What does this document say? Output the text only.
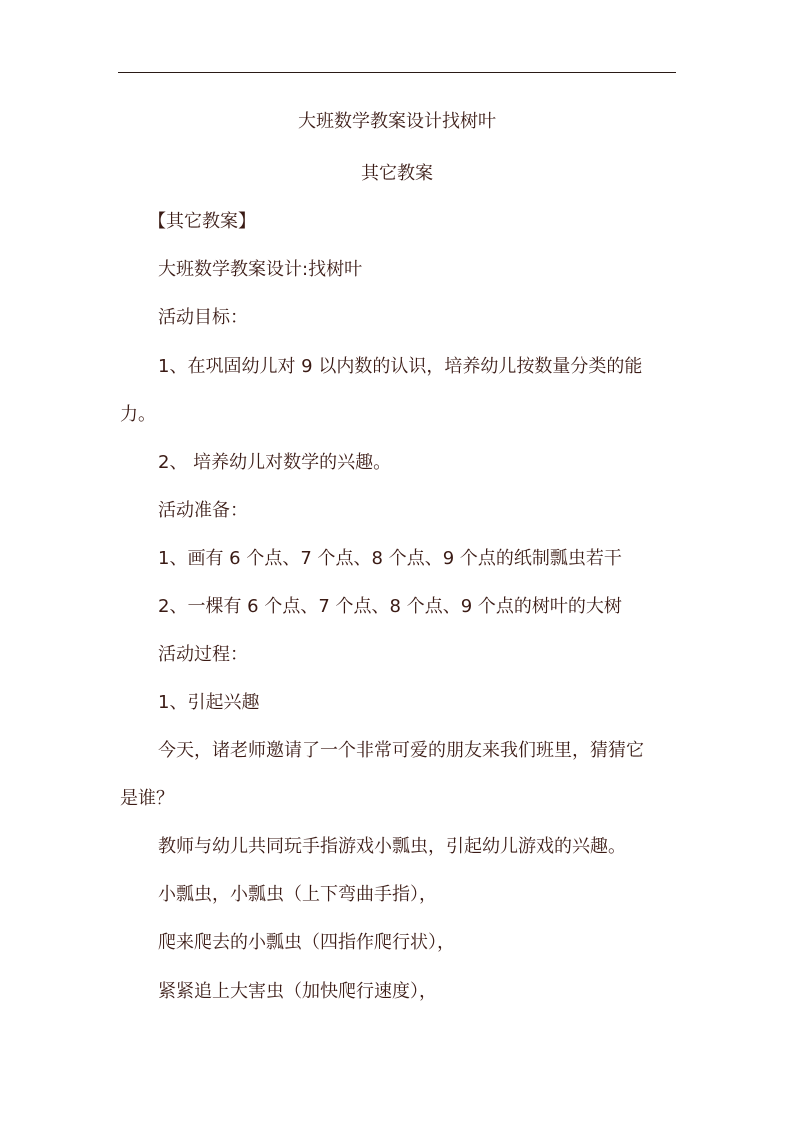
大班数学教案设计找树叶
其它教案
【其它教案】
大班数学教案设计:找树叶
活动目标：
1、在巩固幼儿对 9 以内数的认识，培养幼儿按数量分类的能
力。
2、 培养幼儿对数学的兴趣。
活动准备：
1、画有 6 个点、7 个点、8 个点、9 个点的纸制瓢虫若干
2、一棵有 6 个点、7 个点、8 个点、9 个点的树叶的大树
活动过程：
1、引起兴趣
今天，诸老师邀请了一个非常可爱的朋友来我们班里，猜猜它
是谁？
教师与幼儿共同玩手指游戏小瓢虫，引起幼儿游戏的兴趣。
小瓢虫，小瓢虫（上下弯曲手指），
爬来爬去的小瓢虫（四指作爬行状），
紧紧追上大害虫（加快爬行速度），
